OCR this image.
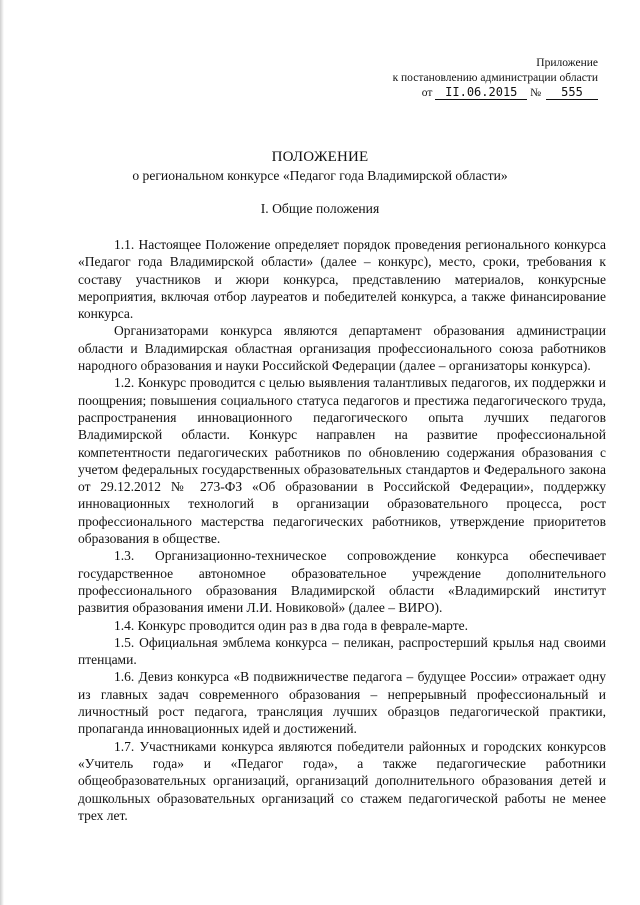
Приложение
к постановлению администрации области
от II.06.2015 № 555
ПОЛОЖЕНИЕ
о региональном конкурсе «Педагог года Владимирской области»
I. Общие положения

1.1. Настоящее Положение определяет порядок проведения регионального конкурса «Педагог года Владимирской области» (далее – конкурс), место, сроки, требования к составу участников и жюри конкурса, представлению материалов, конкурсные мероприятия, включая отбор лауреатов и победителей конкурса, а также финансирование конкурса.

Организаторами конкурса являются департамент образования администрации области и Владимирская областная организация профессионального союза работников народного образования и науки Российской Федерации (далее – организаторы конкурса).

1.2. Конкурс проводится с целью выявления талантливых педагогов, их поддержки и поощрения; повышения социального статуса педагогов и престижа педагогического труда, распространения инновационного педагогического опыта лучших педагогов Владимирской области. Конкурс направлен на развитие профессиональной компетентности педагогических работников по обновлению содержания образования с учетом федеральных государственных образовательных стандартов и Федерального закона от 29.12.2012 № 273-ФЗ «Об образовании в Российской Федерации», поддержку инновационных технологий в организации образовательного процесса, рост профессионального мастерства педагогических работников, утверждение приоритетов образования в обществе.

1.3. Организационно-техническое сопровождение конкурса обеспечивает государственное автономное образовательное учреждение дополнительного профессионального образования Владимирской области «Владимирский институт развития образования имени Л.И. Новиковой» (далее – ВИРО).

1.4. Конкурс проводится один раз в два года в феврале-марте.

1.5. Официальная эмблема конкурса – пеликан, распростерший крылья над своими птенцами.

1.6. Девиз конкурса «В подвижничестве педагога – будущее России» отражает одну из главных задач современного образования – непрерывный профессиональный и личностный рост педагога, трансляция лучших образцов педагогической практики, пропаганда инновационных идей и достижений.

1.7. Участниками конкурса являются победители районных и городских конкурсов «Учитель года» и «Педагог года», а также педагогические работники общеобразовательных организаций, организаций дополнительного образования детей и дошкольных образовательных организаций со стажем педагогической работы не менее трех лет.
